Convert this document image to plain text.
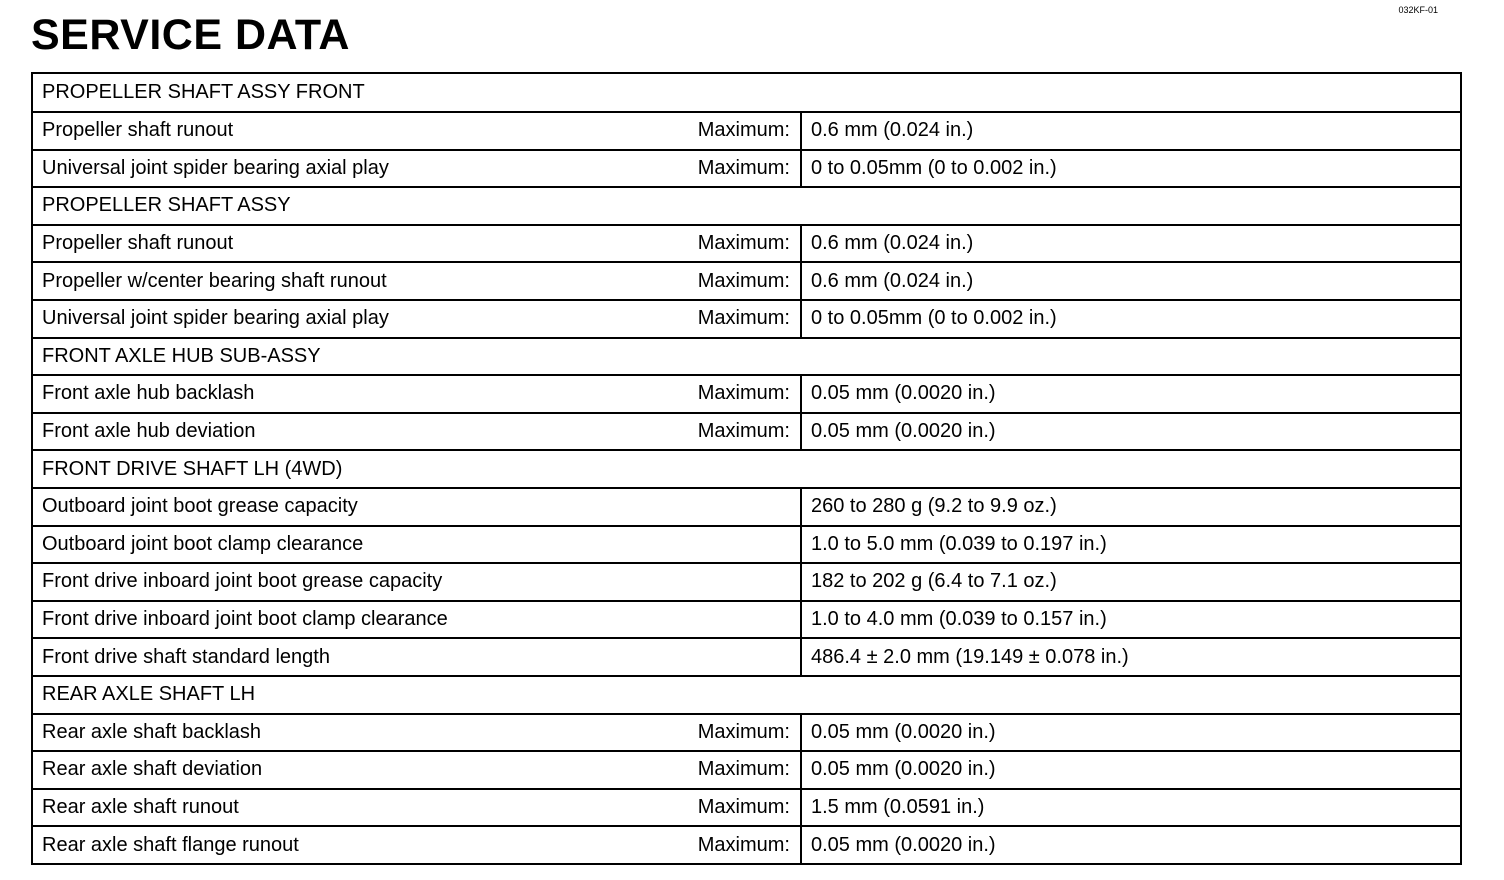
SERVICE DATA
032KF-01
PROPELLER SHAFT ASSY FRONT
Propeller shaft runout	Maximum:	0.6 mm (0.024 in.)
Universal joint spider bearing axial play	Maximum:	0 to 0.05mm (0 to 0.002 in.)
PROPELLER SHAFT ASSY
Propeller shaft runout	Maximum:	0.6 mm (0.024 in.)
Propeller w/center bearing shaft runout	Maximum:	0.6 mm (0.024 in.)
Universal joint spider bearing axial play	Maximum:	0 to 0.05mm (0 to 0.002 in.)
FRONT AXLE HUB SUB-ASSY
Front axle hub backlash	Maximum:	0.05 mm (0.0020 in.)
Front axle hub deviation	Maximum:	0.05 mm (0.0020 in.)
FRONT DRIVE SHAFT LH (4WD)
Outboard joint boot grease capacity	260 to 280 g (9.2 to 9.9 oz.)
Outboard joint boot clamp clearance	1.0 to 5.0 mm (0.039 to 0.197 in.)
Front drive inboard joint boot grease capacity	182 to 202 g (6.4 to 7.1 oz.)
Front drive inboard joint boot clamp clearance	1.0 to 4.0 mm (0.039 to 0.157 in.)
Front drive shaft standard length	486.4 ± 2.0 mm (19.149 ± 0.078 in.)
REAR AXLE SHAFT LH
Rear axle shaft backlash	Maximum:	0.05 mm (0.0020 in.)
Rear axle shaft deviation	Maximum:	0.05 mm (0.0020 in.)
Rear axle shaft runout	Maximum:	1.5 mm (0.0591 in.)
Rear axle shaft flange runout	Maximum:	0.05 mm (0.0020 in.)
